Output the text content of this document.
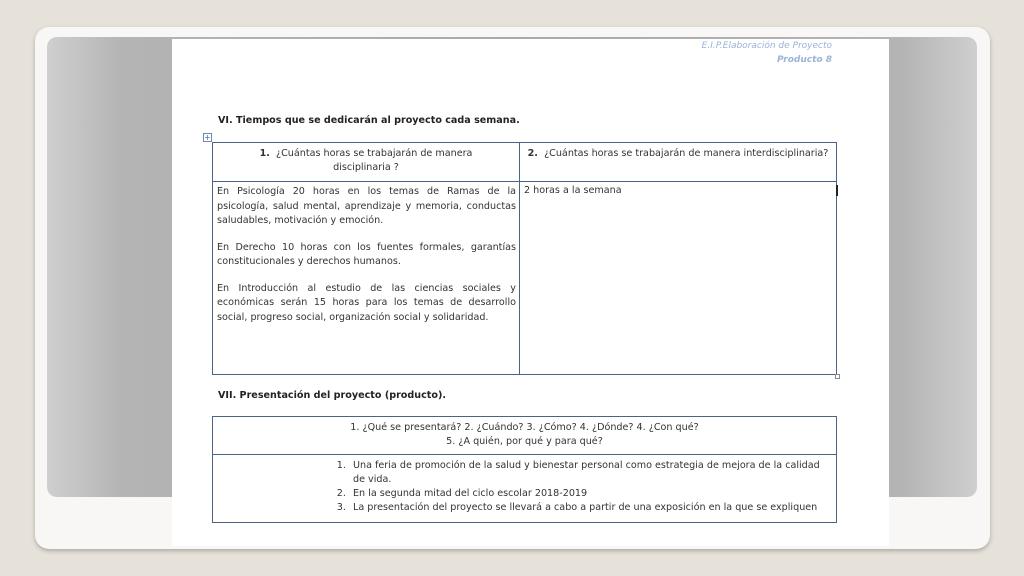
E.I.P.Elaboración de Proyecto
Producto 8
VI. Tiempos que se dedicarán al proyecto cada semana.
+
1. ¿Cuántas horas se trabajarán de manera disciplinaria ?
2. ¿Cuántas horas se trabajarán de manera interdisciplinaria?

En Psicología 20 horas en los temas de Ramas de la psicología, salud mental, aprendizaje y memoria, conductas saludables, motivación y emoción.

En Derecho 10 horas con los fuentes formales, garantías constitucionales y derechos humanos.

En Introducción al estudio de las ciencias sociales y económicas serán 15 horas para los temas de desarrollo social, progreso social, organización social y solidaridad.

2 horas a la semana
VII. Presentación del proyecto (producto).
1. ¿Qué se presentará? 2. ¿Cuándo? 3. ¿Cómo? 4. ¿Dónde? 4. ¿Con qué?
5. ¿A quién, por qué y para qué?
1. Una feria de promoción de la salud y bienestar personal como estrategia de mejora de la calidad de vida.
2. En la segunda mitad del ciclo escolar 2018-2019
3. La presentación del proyecto se llevará a cabo a partir de una exposición en la que se expliquen
